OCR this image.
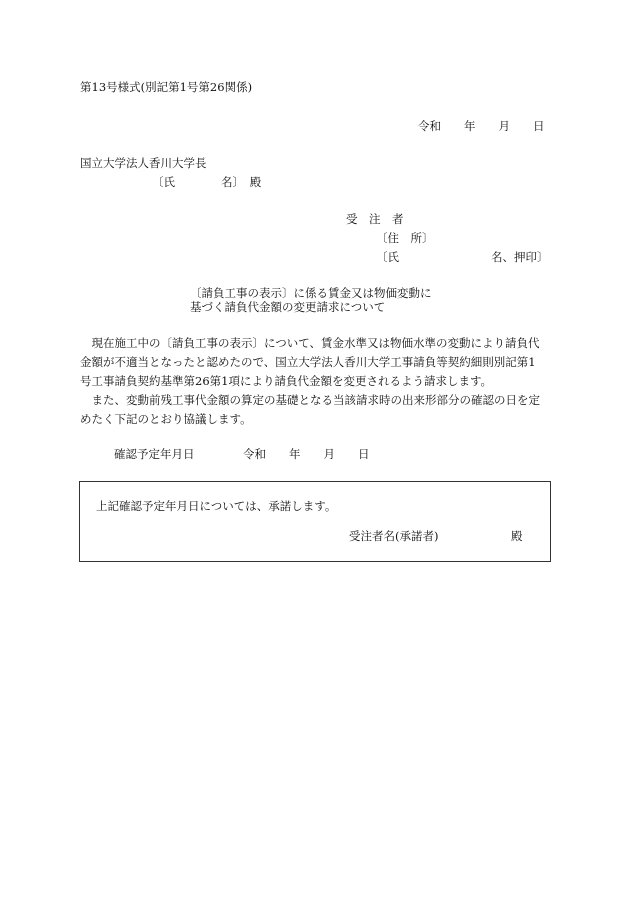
第13号様式(別記第1号第26関係)
令和　　年　　月　　日
国立大学法人香川大学長
〔氏　　　　名〕　殿
受　注　者
〔住　所〕
〔氏　　　　　　　　名、押印〕
〔請負工事の表示〕に係る賃金又は物価変動に
基づく請負代金額の変更請求について
　現在施工中の〔請負工事の表示〕について、賃金水準又は物価水準の変動により請負代
金額が不適当となったと認めたので、国立大学法人香川大学工事請負等契約細則別記第1
号工事請負契約基準第26第1項により請負代金額を変更されるよう請求します。
　また、変動前残工事代金額の算定の基礎となる当該請求時の出来形部分の確認の日を定
めたく下記のとおり協議します。
確認予定年月日	令和　　年　　月　　日
上記確認予定年月日については、承諾します。
受注者名(承諾者)	殿
